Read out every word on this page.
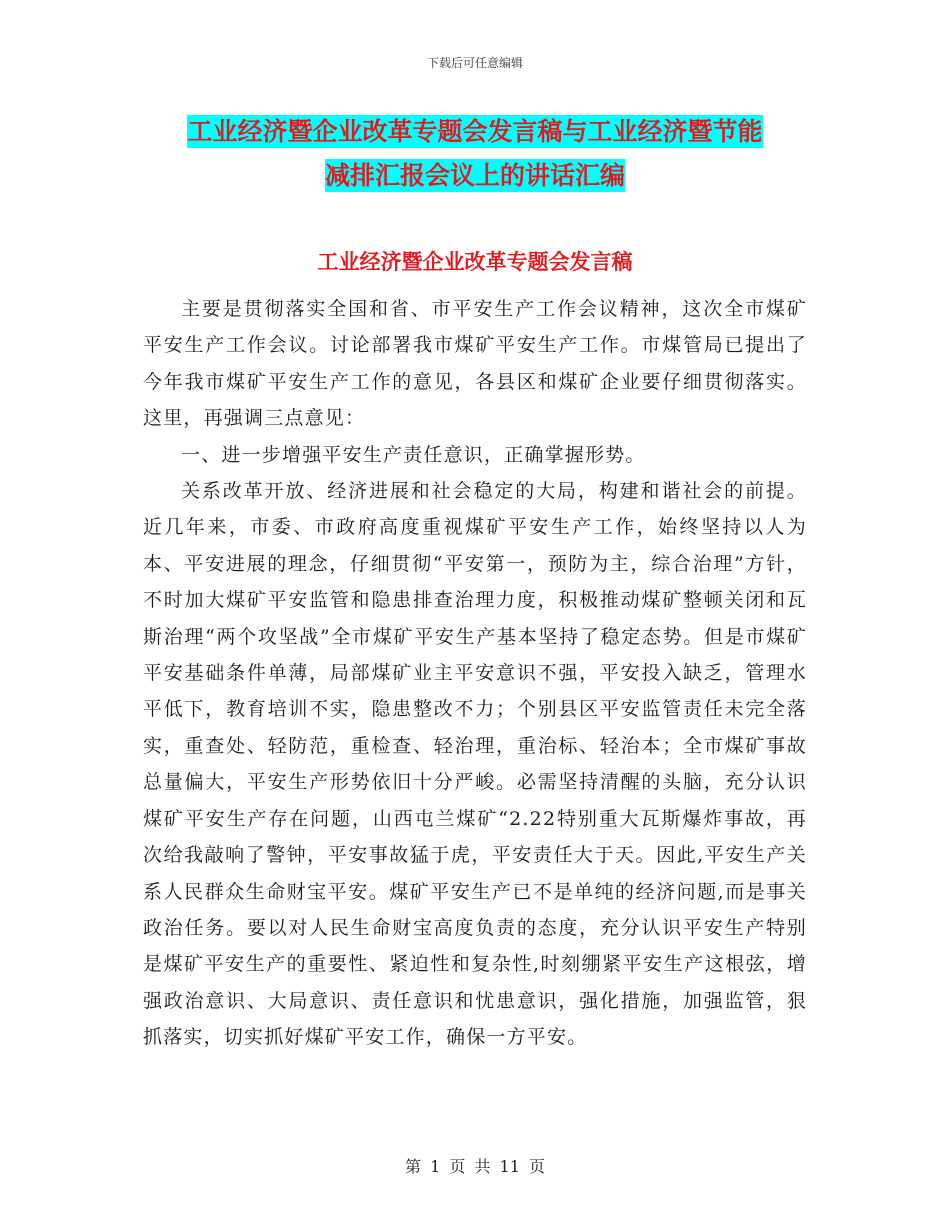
下载后可任意编辑
工业经济暨企业改革专题会发言稿与工业经济暨节能
减排汇报会议上的讲话汇编
工业经济暨企业改革专题会发言稿

主要是贯彻落实全国和省、市平安生产工作会议精神，这次全市煤矿平安生产工作会议。讨论部署我市煤矿平安生产工作。市煤管局已提出了今年我市煤矿平安生产工作的意见，各县区和煤矿企业要仔细贯彻落实。这里，再强调三点意见：

一、进一步增强平安生产责任意识，正确掌握形势。

关系改革开放、经济进展和社会稳定的大局，构建和谐社会的前提。近几年来，市委、市政府高度重视煤矿平安生产工作，始终坚持以人为本、平安进展的理念，仔细贯彻“平安第一，预防为主，综合治理”方针，不时加大煤矿平安监管和隐患排查治理力度，积极推动煤矿整顿关闭和瓦斯治理“两个攻坚战”全市煤矿平安生产基本坚持了稳定态势。但是市煤矿平安基础条件单薄，局部煤矿业主平安意识不强，平安投入缺乏，管理水平低下，教育培训不实，隐患整改不力；个别县区平安监管责任未完全落实，重查处、轻防范，重检查、轻治理，重治标、轻治本；全市煤矿事故总量偏大，平安生产形势依旧十分严峻。必需坚持清醒的头脑，充分认识煤矿平安生产存在问题，山西屯兰煤矿“2.22特别重大瓦斯爆炸事故，再次给我敲响了警钟，平安事故猛于虎，平安责任大于天。因此,平安生产关系人民群众生命财宝平安。煤矿平安生产已不是单纯的经济问题,而是事关政治任务。要以对人民生命财宝高度负责的态度，充分认识平安生产特别是煤矿平安生产的重要性、紧迫性和复杂性,时刻绷紧平安生产这根弦，增强政治意识、大局意识、责任意识和忧患意识，强化措施，加强监管，狠抓落实，切实抓好煤矿平安工作，确保一方平安。

第 1 页 共 11 页
